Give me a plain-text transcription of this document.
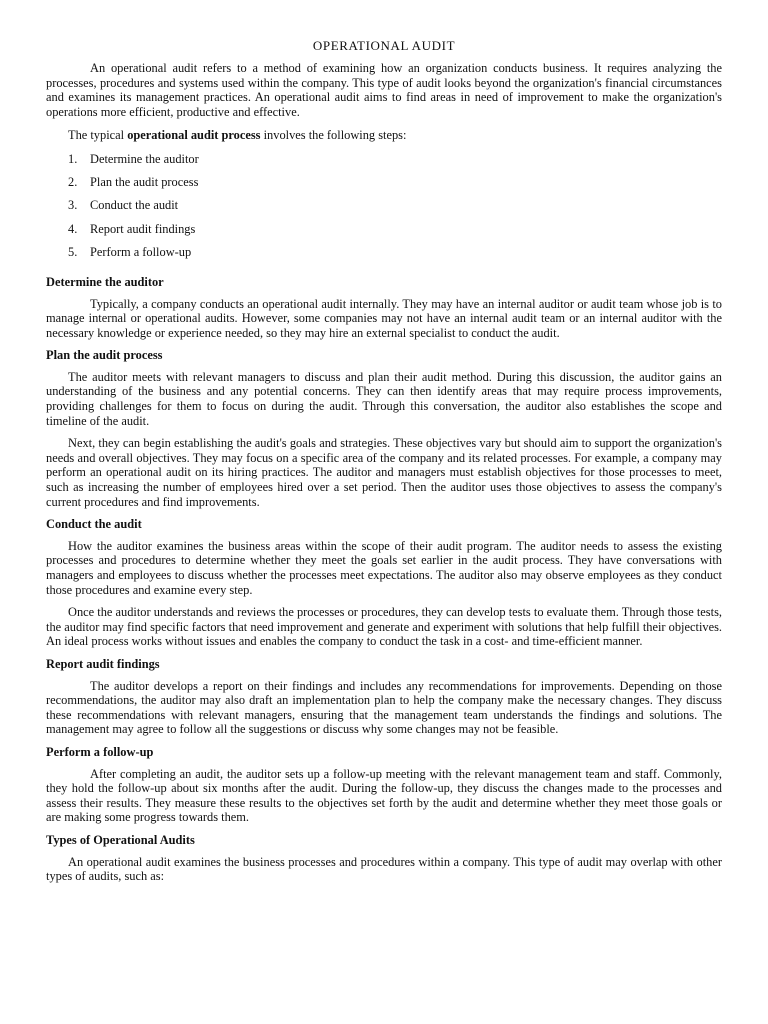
OPERATIONAL AUDIT

An operational audit refers to a method of examining how an organization conducts business. It requires analyzing the processes, procedures and systems used within the company. This type of audit looks beyond the organization's financial circumstances and examines its management practices. An operational audit aims to find areas in need of improvement to make the organization's operations more efficient, productive and effective.

The typical operational audit process involves the following steps:

1.	Determine the auditor
2.	Plan the audit process
3.	Conduct the audit
4.	Report audit findings
5.	Perform a follow-up
Determine the auditor

Typically, a company conducts an operational audit internally. They may have an internal auditor or audit team whose job is to manage internal or operational audits. However, some companies may not have an internal audit team or an internal auditor with the necessary knowledge or experience needed, so they may hire an external specialist to conduct the audit.

Plan the audit process

The auditor meets with relevant managers to discuss and plan their audit method. During this discussion, the auditor gains an understanding of the business and any potential concerns. They can then identify areas that may require process improvements, providing challenges for them to focus on during the audit. Through this conversation, the auditor also establishes the scope and timeline of the audit.

Next, they can begin establishing the audit's goals and strategies. These objectives vary but should aim to support the organization's needs and overall objectives. They may focus on a specific area of the company and its related processes. For example, a company may perform an operational audit on its hiring practices. The auditor and managers must establish objectives for those processes to meet, such as increasing the number of employees hired over a set period. Then the auditor uses those objectives to assess the company's current procedures and find improvements.

Conduct the audit

How the auditor examines the business areas within the scope of their audit program. The auditor needs to assess the existing processes and procedures to determine whether they meet the goals set earlier in the audit process. They have conversations with managers and employees to discuss whether the processes meet expectations. The auditor also may observe employees as they conduct those procedures and examine every step.

Once the auditor understands and reviews the processes or procedures, they can develop tests to evaluate them. Through those tests, the auditor may find specific factors that need improvement and generate and experiment with solutions that help fulfill their objectives. An ideal process works without issues and enables the company to conduct the task in a cost- and time-efficient manner.

Report audit findings

The auditor develops a report on their findings and includes any recommendations for improvements. Depending on those recommendations, the auditor may also draft an implementation plan to help the company make the necessary changes. They discuss these recommendations with relevant managers, ensuring that the management team understands the findings and solutions. The management may agree to follow all the suggestions or discuss why some changes may not be feasible.

Perform a follow-up

After completing an audit, the auditor sets up a follow-up meeting with the relevant management team and staff. Commonly, they hold the follow-up about six months after the audit. During the follow-up, they discuss the changes made to the processes and assess their results. They measure these results to the objectives set forth by the audit and determine whether they meet those goals or are making some progress towards them.

Types of Operational Audits

An operational audit examines the business processes and procedures within a company. This type of audit may overlap with other types of audits, such as:
